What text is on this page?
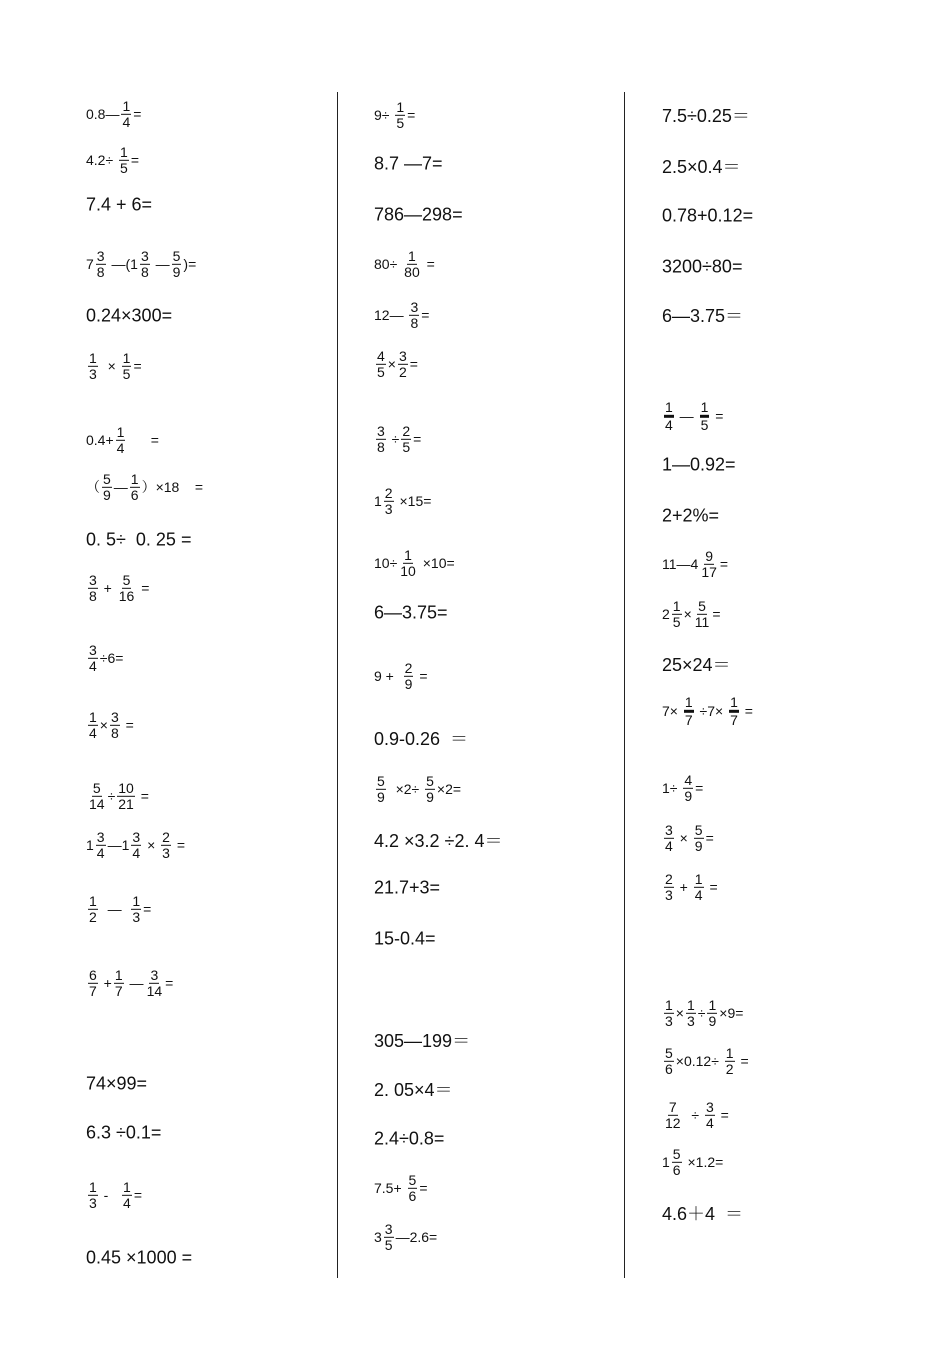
0.8— $\frac{1}{4}$ =
$4.2\div \frac{1}{5}$ =
7.4 + 6=
$7 \frac{3}{8}$ —(1 $\frac{3}{8}$ — $\frac{5}{9}$ )=
0.24×300=
$\frac{1}{3} \times \frac{1}{5}$ =
$0.4+ \frac{1}{4}$ =
（ $\frac{5}{9}$ — $\frac{1}{6} )\times 18$    =
0. 5÷  0. 25 =
$\frac{3}{8} + \frac{5}{16}$ =
$\frac{3}{4} \div 6=$
$\frac{1}{4} \times \frac{3}{8}$ =
$\frac{5}{14} \div \frac{10}{21}$ =
$1 \frac{3}{4}$ —1 $\frac{3}{4} \times \frac{2}{3}$ =
$\frac{1}{2}$ — $\frac{1}{3}$ =
$\frac{6}{7} + \frac{1}{7}$ — $\frac{3}{14}$ =
74×99=
6.3 ÷0.1=
$\frac{1}{3} - \frac{1}{4}$ =
0.45 ×1000 =
$9\div \frac{1}{5}$ =
8.7 —7=
786—298=
$80\div \frac{1}{80}$ =
12— $\frac{3}{8}$ =
$\frac{4}{5} \times \frac{3}{2}$ =
$\frac{3}{8} \div \frac{2}{5}$ =
$1 \frac{2}{3} \times 15=$
$10\div \frac{1}{10} \times 10=$
6—3.75=
$9 + \frac{2}{9}$ =
0.9-0.26  ＝
$\frac{5}{9} \times 2\div \frac{5}{9} \times 2=$
4.2 ×3.2 ÷2. 4＝
21.7+3=
15-0.4=
305—199＝
2. 05×4＝
2.4÷0.8=
$7.5+ \frac{5}{6}$ =
$3 \frac{3}{5}$ —2.6=
7.5÷0.25＝
2.5×0.4＝
0.78+0.12=
3200÷80=
6—3.75＝
$\frac{1}{4}$ — $\frac{1}{5}$ =
1—0.92=
2+2%=
11—4 $\frac{9}{17}$ =
$2 \frac{1}{5} \times \frac{5}{11}$ =
25×24＝
$7\times \frac{1}{7} \div 7\times \frac{1}{7}$ =
$1\div \frac{4}{9}$ =
$\frac{3}{4} \times \frac{5}{9}$ =
$\frac{2}{3} + \frac{1}{4}$ =
$\frac{1}{3} \times \frac{1}{3} \div \frac{1}{9} \times 9=$
$\frac{5}{6} \times 0.12\div \frac{1}{2}$ =
$\frac{7}{12} \div \frac{3}{4}$ =
$1 \frac{5}{6} \times 1.2=$
4.6＋4  ＝
